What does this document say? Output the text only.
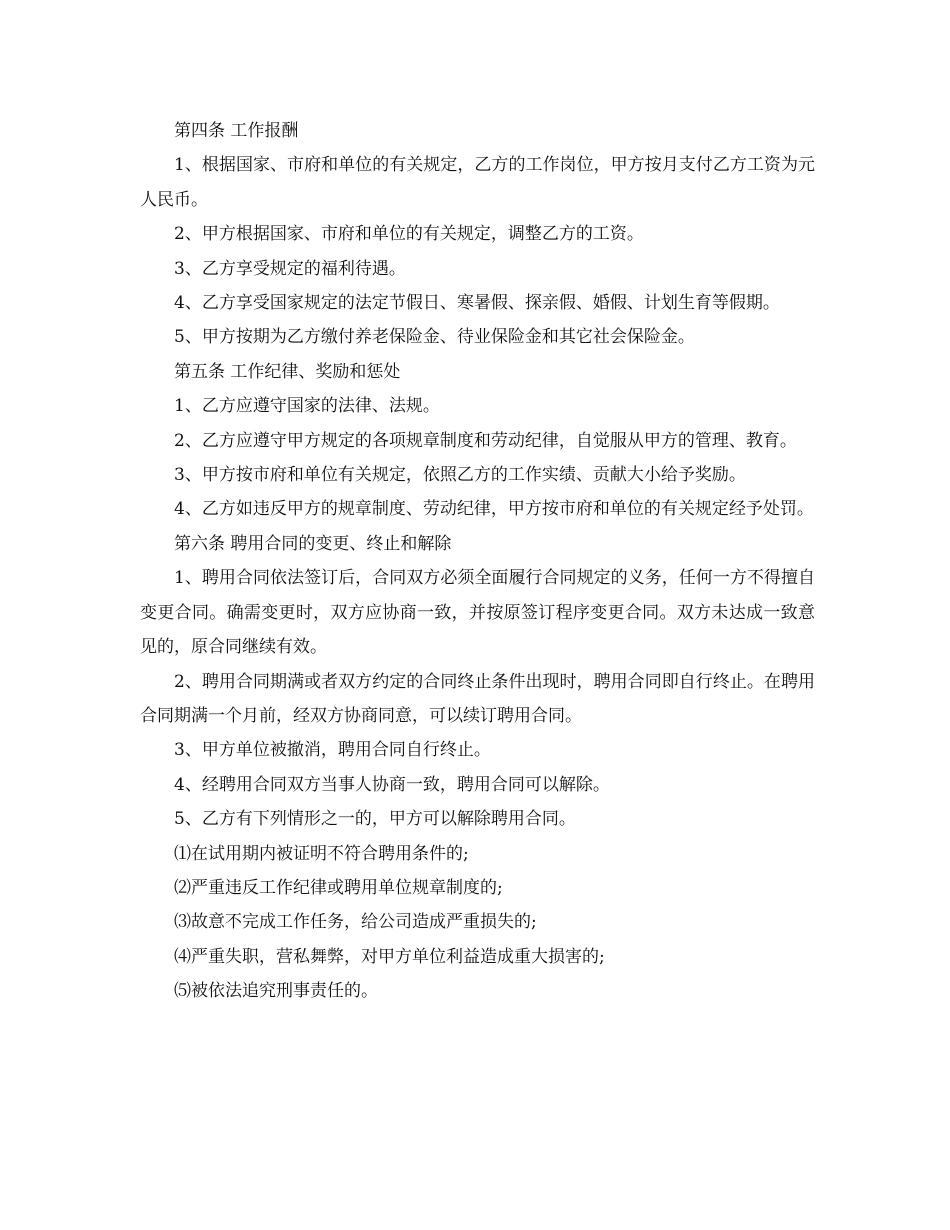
第四条 工作报酬

1、根据国家、市府和单位的有关规定，乙方的工作岗位，甲方按月支付乙方工资为元人民币。

2、甲方根据国家、市府和单位的有关规定，调整乙方的工资。

3、乙方享受规定的福利待遇。

4、乙方享受国家规定的法定节假日、寒暑假、探亲假、婚假、计划生育等假期。

5、甲方按期为乙方缴付养老保险金、待业保险金和其它社会保险金。

第五条 工作纪律、奖励和惩处

1、乙方应遵守国家的法律、法规。

2、乙方应遵守甲方规定的各项规章制度和劳动纪律，自觉服从甲方的管理、教育。

3、甲方按市府和单位有关规定，依照乙方的工作实绩、贡献大小给予奖励。

4、乙方如违反甲方的规章制度、劳动纪律，甲方按市府和单位的有关规定经予处罚。

第六条 聘用合同的变更、终止和解除

1、聘用合同依法签订后，合同双方必须全面履行合同规定的义务，任何一方不得擅自变更合同。确需变更时，双方应协商一致，并按原签订程序变更合同。双方未达成一致意见的，原合同继续有效。

2、聘用合同期满或者双方约定的合同终止条件出现时，聘用合同即自行终止。在聘用合同期满一个月前，经双方协商同意，可以续订聘用合同。

3、甲方单位被撤消，聘用合同自行终止。

4、经聘用合同双方当事人协商一致，聘用合同可以解除。

5、乙方有下列情形之一的，甲方可以解除聘用合同。

⑴在试用期内被证明不符合聘用条件的;

⑵严重违反工作纪律或聘用单位规章制度的;

⑶故意不完成工作任务，给公司造成严重损失的;

⑷严重失职，营私舞弊，对甲方单位利益造成重大损害的;

⑸被依法追究刑事责任的。
